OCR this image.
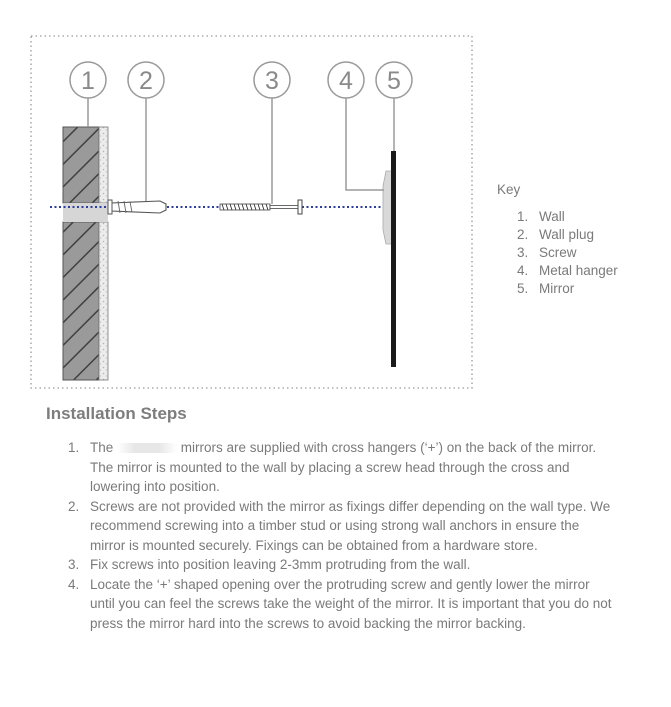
1 2	3 4 5
Key
1. Wall
2. Wall plug
3. Screw
4. Metal hanger
5. Mirror
Installation Steps
1. The	mirrors are supplied with cross hangers (‘+’) on the back of the mirror. The mirror is mounted to the wall by placing a screw head through the cross and lowering into position.
2. Screws are not provided with the mirror as fixings differ depending on the wall type. We recommend screwing into a timber stud or using strong wall anchors in ensure the mirror is mounted securely. Fixings can be obtained from a hardware store.
3. Fix screws into position leaving 2-3mm protruding from the wall.
4. Locate the ‘+’ shaped opening over the protruding screw and gently lower the mirror until you can feel the screws take the weight of the mirror. It is important that you do not press the mirror hard into the screws to avoid backing the mirror backing.
